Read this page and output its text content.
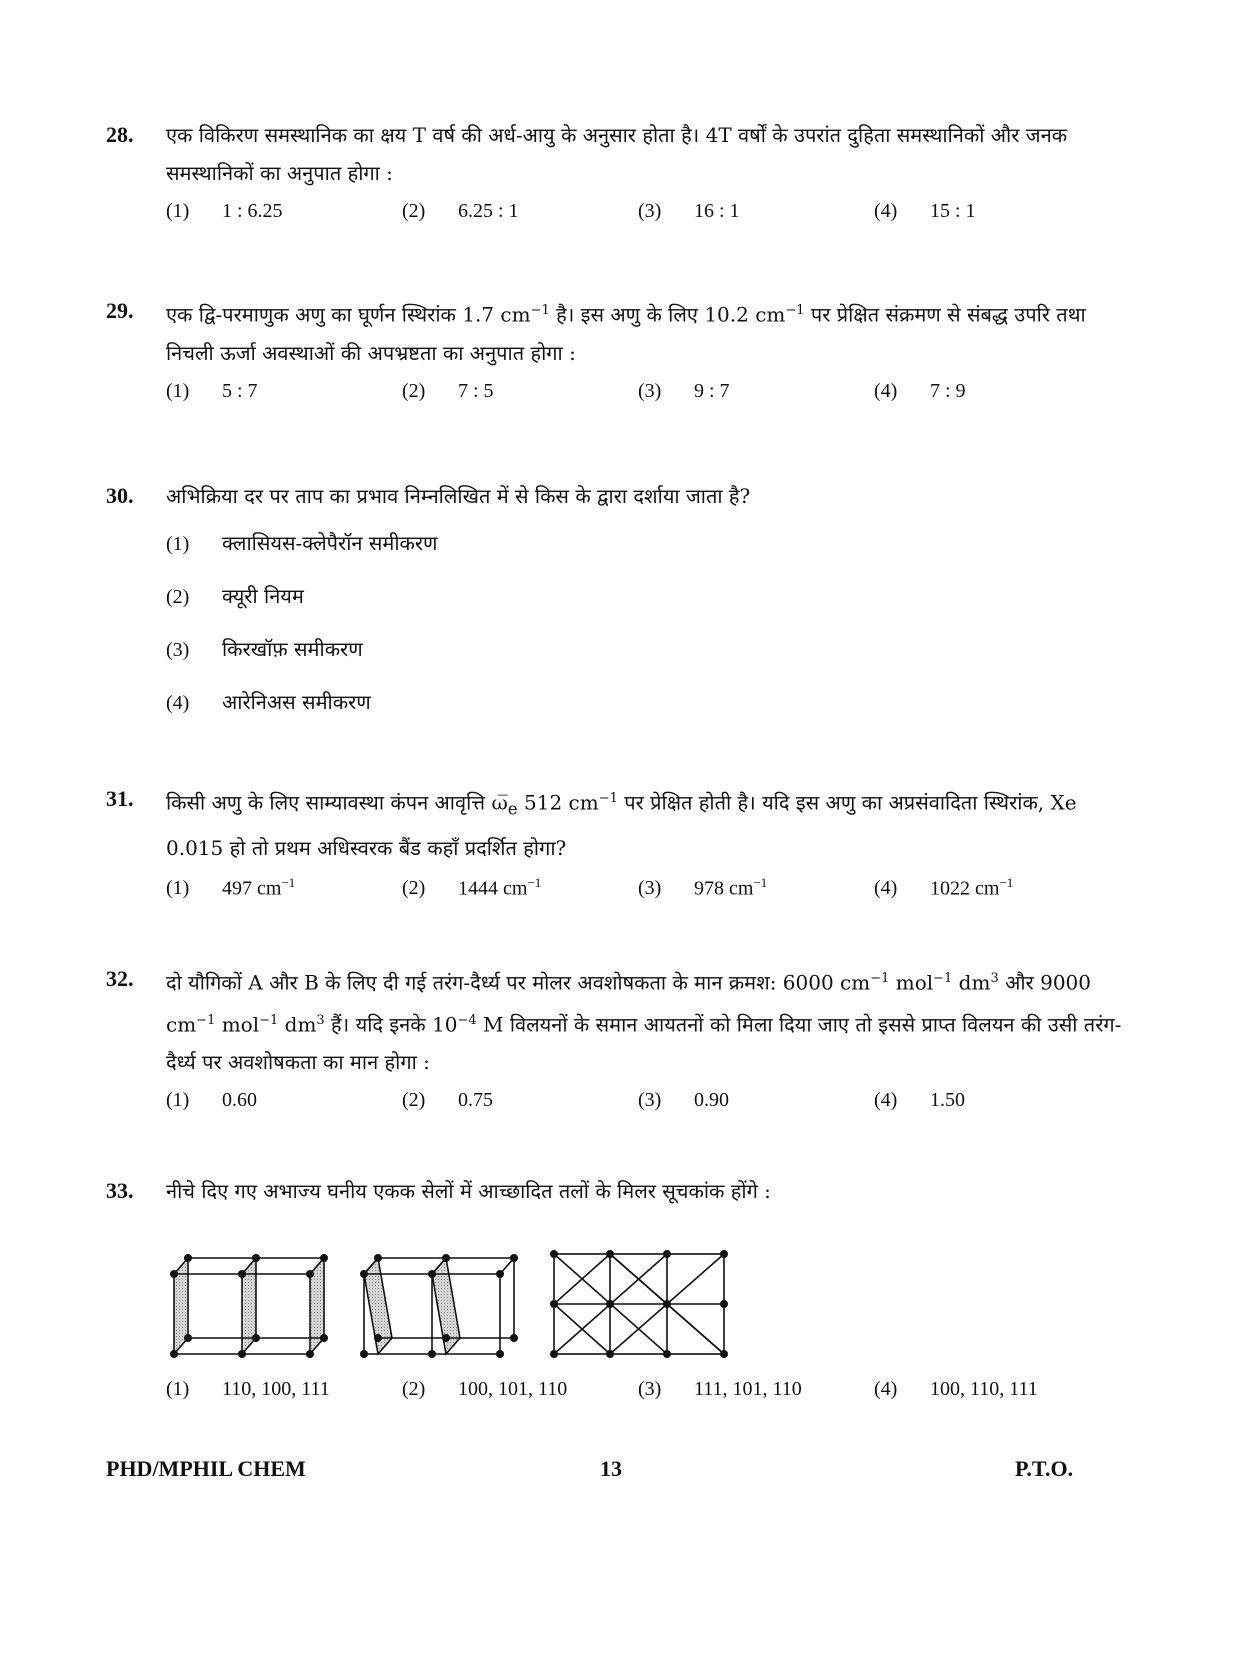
28. एक विकिरण समस्थानिक का क्षय T वर्ष की अर्ध-आयु के अनुसार होता है। 4T वर्षों के उपरांत दुहिता समस्थानिकों और जनक समस्थानिकों का अनुपात होगा :
(1) 1 : 6.25	(2) 6.25 : 1	(3) 16 : 1	(4) 15 : 1
29. एक द्वि-परमाणुक अणु का घूर्णन स्थिरांक 1.7 $cm^{-1}$ है। इस अणु के लिए 10.2 $cm^{-1}$ पर प्रेक्षित संक्रमण से संबद्ध उपरि तथा निचली ऊर्जा अवस्थाओं की अपभ्रष्टता का अनुपात होगा :
(1) 5 : 7	(2) 7 : 5	(3) 9 : 7	(4) 7 : 9
30. अभिक्रिया दर पर ताप का प्रभाव निम्नलिखित में से किस के द्वारा दर्शाया जाता है?
(1) क्लासियस-क्लेपैरॉन समीकरण
(2) क्यूरी नियम
(3) किरखॉफ़ समीकरण
(4) आरेनिअस समीकरण
31. किसी अणु के लिए साम्यावस्था कंपन आवृत्ति $\omega̅_e$ 512 $cm^{-1}$ पर प्रेक्षित होती है। यदि इस अणु का अप्रसंवादिता स्थिरांक, Xe 0.015 हो तो प्रथम अधिस्वरक बैंड कहाँ प्रदर्शित होगा?
(1) 497 $cm^{-1}$	(2) 1444 $cm^{-1}$	(3) 978 $cm^{-1}$	(4) 1022 $cm^{-1}$
32. दो यौगिकों A और B के लिए दी गई तरंग-दैर्ध्य पर मोलर अवशोषकता के मान क्रमश: 6000 $cm^{-1}$ mol$^{-1}$ $dm^3$ और 9000 $cm^{-1}$ mol$^{-1}$ $dm^3$ हैं। यदि इनके $10^{-4}$ M विलयनों के समान आयतनों को मिला दिया जाए तो इससे प्राप्त विलयन की उसी तरंग-दैर्ध्य पर अवशोषकता का मान होगा :
(1) 0.60	(2) 0.75	(3) 0.90	(4) 1.50
33. नीचे दिए गए अभाज्य घनीय एकक सेलों में आच्छादित तलों के मिलर सूचकांक होंगे :
(1) 110, 100, 111	(2) 100, 101, 110	(3) 111, 101, 110	(4) 100, 110, 111
PHD/MPHIL CHEM	13	P.T.O.
